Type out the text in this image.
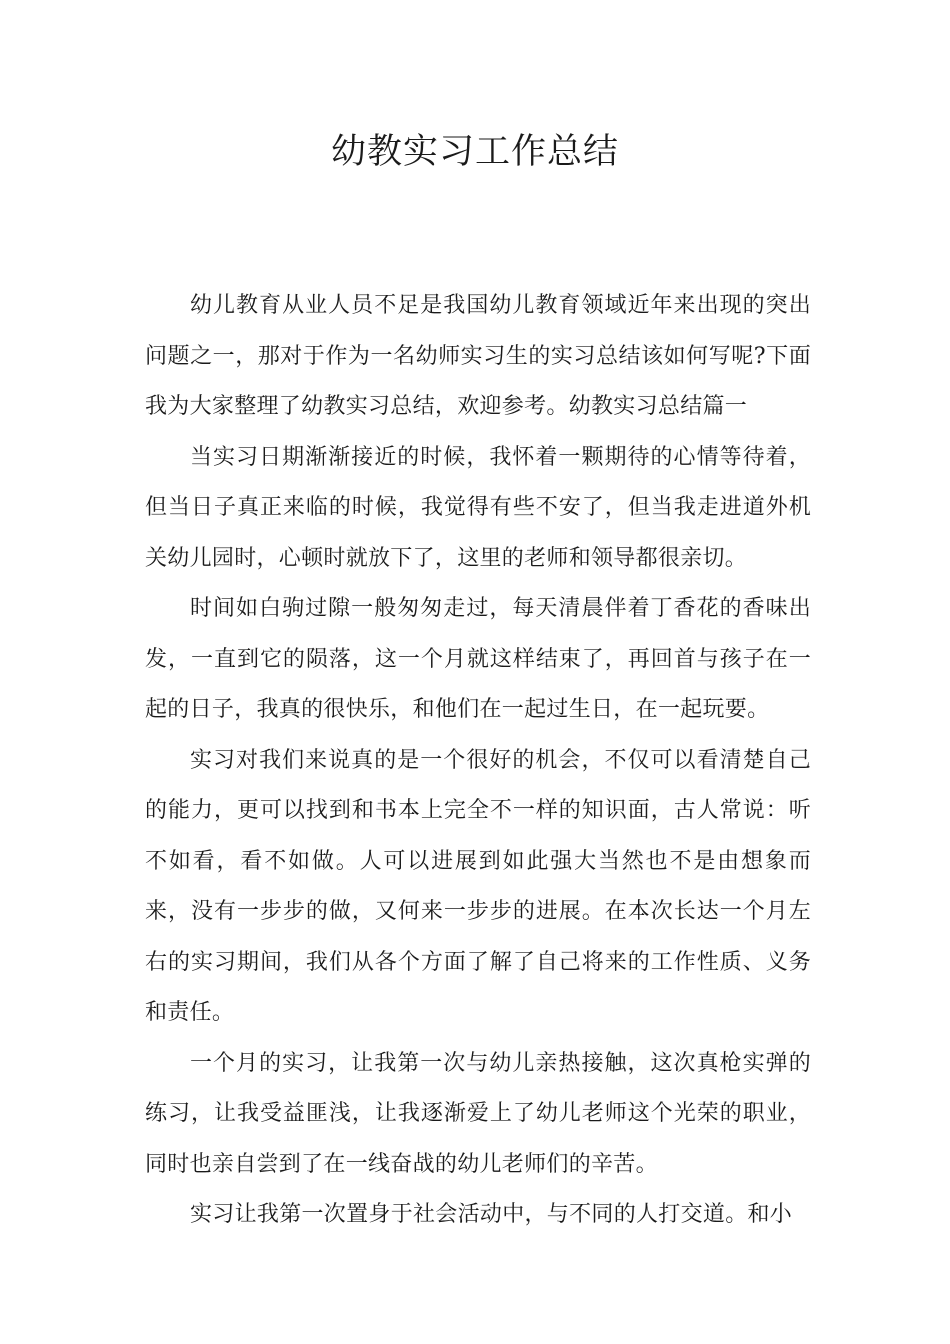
幼教实习工作总结

幼儿教育从业人员不足是我国幼儿教育领域近年来出现的突出问题之一，那对于作为一名幼师实习生的实习总结该如何写呢?下面我为大家整理了幼教实习总结，欢迎参考。幼教实习总结篇一

当实习日期渐渐接近的时候，我怀着一颗期待的心情等待着，但当日子真正来临的时候，我觉得有些不安了，但当我走进道外机关幼儿园时，心顿时就放下了，这里的老师和领导都很亲切。

时间如白驹过隙一般匆匆走过，每天清晨伴着丁香花的香味出发，一直到它的陨落，这一个月就这样结束了，再回首与孩子在一起的日子，我真的很快乐，和他们在一起过生日，在一起玩要。

实习对我们来说真的是一个很好的机会，不仅可以看清楚自己的能力，更可以找到和书本上完全不一样的知识面，古人常说：听不如看，看不如做。人可以进展到如此强大当然也不是由想象而来，没有一步步的做，又何来一步步的进展。在本次长达一个月左右的实习期间，我们从各个方面了解了自己将来的工作性质、义务和责任。

一个月的实习，让我第一次与幼儿亲热接触，这次真枪实弹的练习，让我受益匪浅，让我逐渐爱上了幼儿老师这个光荣的职业，同时也亲自尝到了在一线奋战的幼儿老师们的辛苦。

实习让我第一次置身于社会活动中，与不同的人打交道。和小
